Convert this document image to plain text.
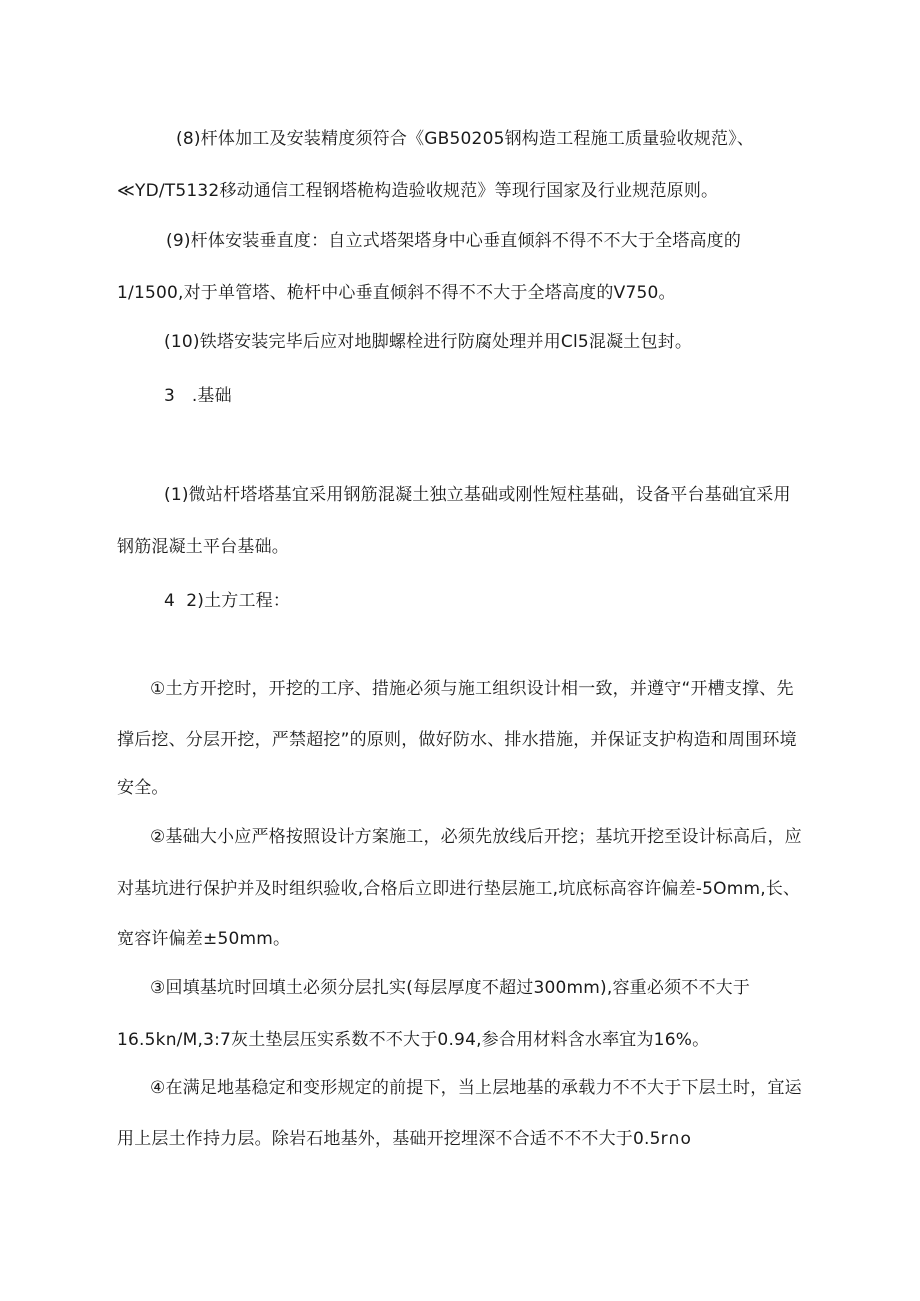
(8)杆体加工及安装精度须符合《GB50205钢构造工程施工质量验收规范》、

≪YD/T5132移动通信工程钢塔桅构造验收规范》等现行国家及行业规范原则。

(9)杆体安装垂直度：自立式塔架塔身中心垂直倾斜不得不不大于全塔高度的

1/1500,对于单管塔、桅杆中心垂直倾斜不得不不大于全塔高度的V750。

(10)铁塔安装完毕后应对地脚螺栓进行防腐处理并用Cl5混凝土包封。

3   .基础

(1)微站杆塔塔基宜采用钢筋混凝土独立基础或刚性短柱基础，设备平台基础宜采用

钢筋混凝土平台基础。

4  2)土方工程：

①土方开挖时，开挖的工序、措施必须与施工组织设计相一致，并遵守“开槽支撑、先

撑后挖、分层开挖，严禁超挖”的原则，做好防水、排水措施，并保证支护构造和周围环境

安全。

②基础大小应严格按照设计方案施工，必须先放线后开挖；基坑开挖至设计标高后，应

对基坑进行保护并及时组织验收,合格后立即进行垫层施工,坑底标高容许偏差-5Omm,长、

宽容许偏差±50mm。

③回填基坑时回填土必须分层扎实(每层厚度不超过300mm),容重必须不不大于

16.5kn/M,3:7灰土垫层压实系数不不大于0.94,参合用材料含水率宜为16%。

④在满足地基稳定和变形规定的前提下，当上层地基的承载力不不大于下层土时，宜运

用上层土作持力层。除岩石地基外，基础开挖埋深不合适不不不大于0.5r∩o
